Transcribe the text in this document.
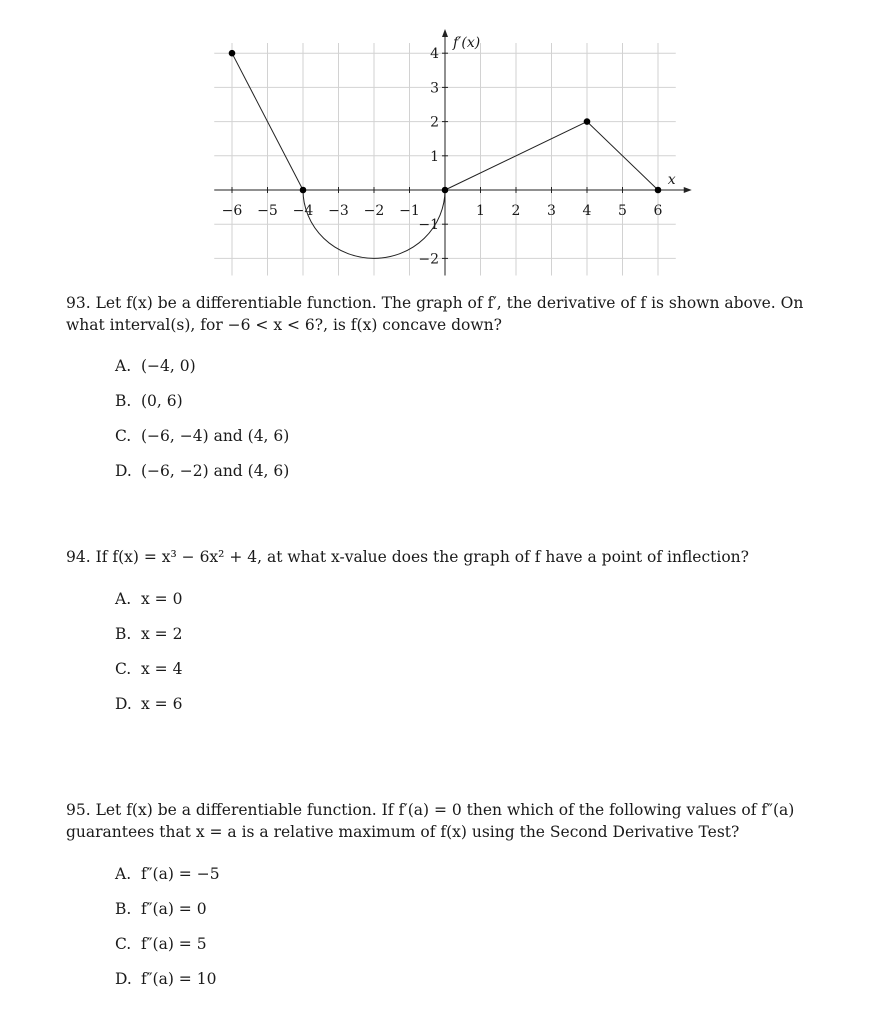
−6 −5 −4 −3 −2 −1	1 2 3 4 5 6
4
3
2
1
−1
−2
f′(x)
x
93. Let f(x) be a differentiable function. The graph of f′, the derivative of f is shown above. On what interval(s), for −6 < x < 6?, is f(x) concave down?
A. (−4, 0)
B. (0, 6)
C. (−6, −4) and (4, 6)
D. (−6, −2) and (4, 6)
94. If f(x) = x³ − 6x² + 4, at what x-value does the graph of f have a point of inflection?
A. x = 0
B. x = 2
C. x = 4
D. x = 6
95. Let f(x) be a differentiable function. If f′(a) = 0 then which of the following values of f″(a) guarantees that x = a is a relative maximum of f(x) using the Second Derivative Test?
A. f″(a) = −5
B. f″(a) = 0
C. f″(a) = 5
D. f″(a) = 10
